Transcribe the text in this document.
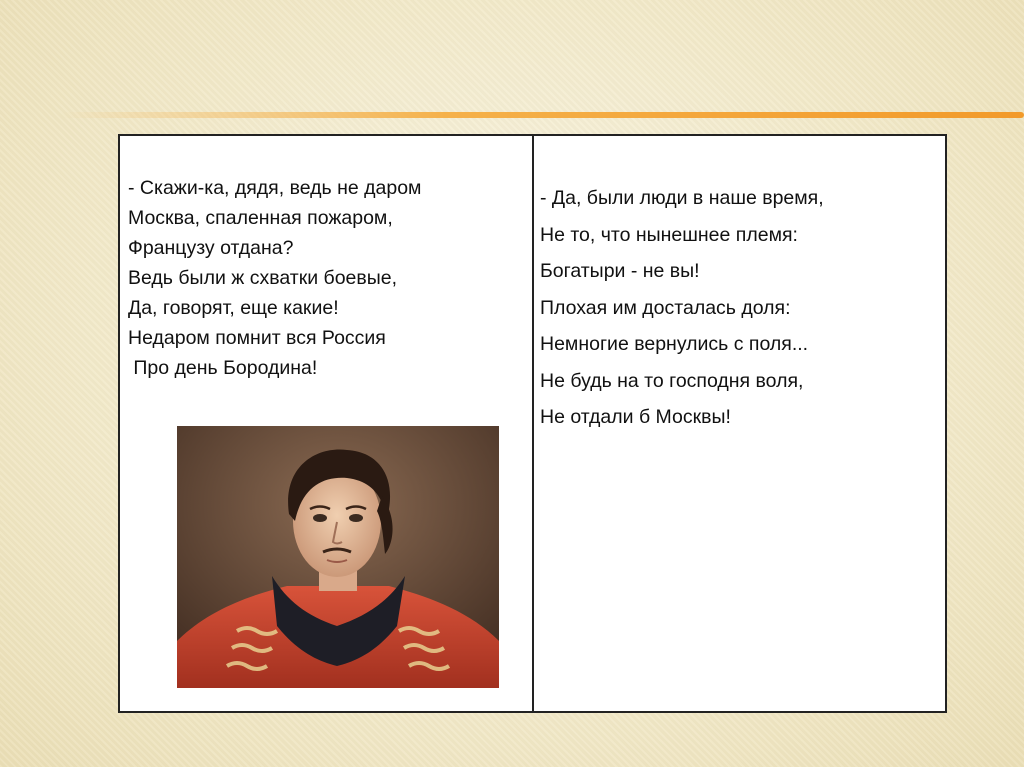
- Скажи-ка, дядя, ведь не даром
Москва, спаленная пожаром,
Французу отдана?
Ведь были ж схватки боевые,
Да, говорят, еще какие!
Недаром помнит вся Россия
Про день Бородина!
- Да, были люди в наше время,
Не то, что нынешнее племя:
Богатыри - не вы!
Плохая им досталась доля:
Немногие вернулись с поля...
Не будь на то господня воля,
Не отдали б Москвы!
